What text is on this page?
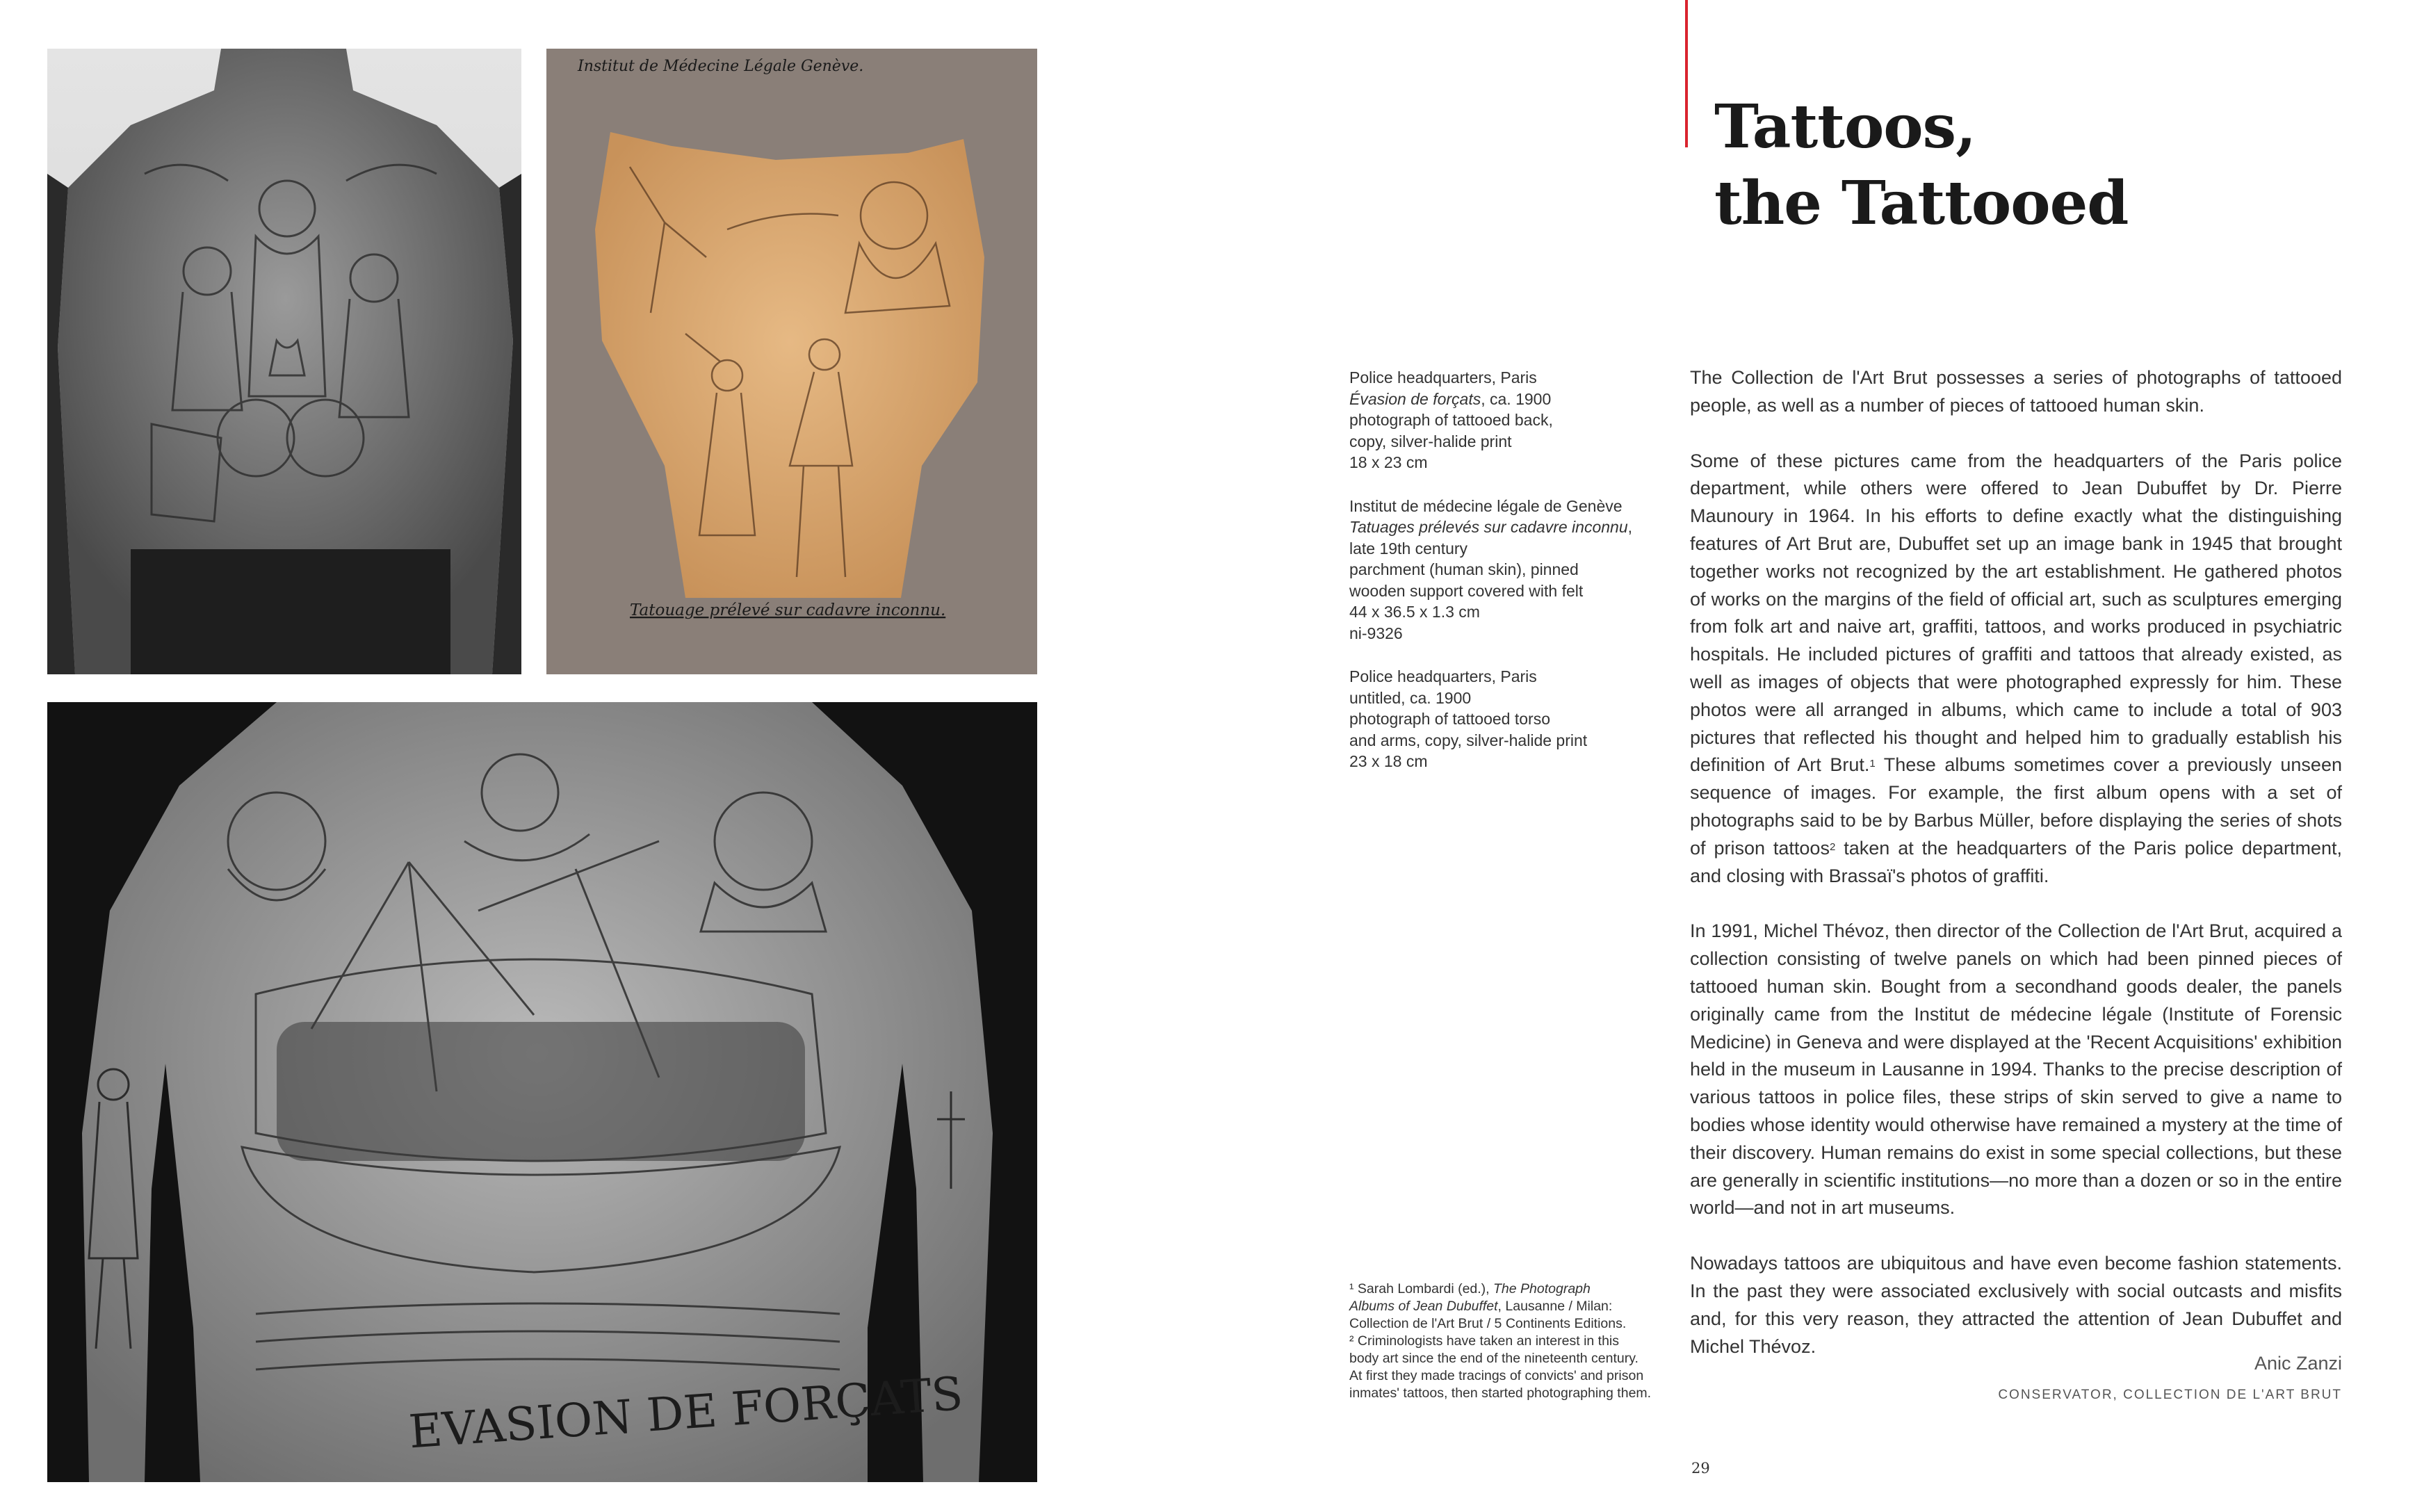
Institut de Médecine Légale Genève.
Tatouage prélevé sur cadavre inconnu.
EVASION DE FORÇATS
Tattoos,
the Tattooed
Police headquarters, Paris
Évasion de forçats, ca. 1900
photograph of tattooed back,
copy, silver-halide print
18 x 23 cm
Institut de médecine légale de Genève
Tatuages prélevés sur cadavre inconnu,
late 19th century
parchment (human skin), pinned
wooden support covered with felt
44 x 36.5 x 1.3 cm
ni-9326
Police headquarters, Paris
untitled, ca. 1900
photograph of tattooed torso
and arms, copy, silver-halide print
23 x 18 cm
¹ Sarah Lombardi (ed.), The Photograph
Albums of Jean Dubuffet, Lausanne / Milan:
Collection de l'Art Brut / 5 Continents Editions.
² Criminologists have taken an interest in this
body art since the end of the nineteenth century.
At first they made tracings of convicts' and prison
inmates' tattoos, then started photographing them.

The Collection de l'Art Brut possesses a series of photographs of tattooed people, as well as a number of pieces of tattooed human skin.

Some of these pictures came from the headquarters of the Paris police department, while others were offered to Jean Dubuffet by Dr. Pierre Maunoury in 1964. In his efforts to define exactly what the distinguishing features of Art Brut are, Dubuffet set up an image bank in 1945 that brought together works not recognized by the art establishment. He gathered photos of works on the margins of the field of official art, such as sculptures emerging from folk art and naive art, graffiti, tattoos, and works produced in psychiatric hospitals. He included pictures of graffiti and tattoos that already existed, as well as images of objects that were photographed expressly for him. These photos were all arranged in albums, which came to include a total of 903 pictures that reflected his thought and helped him to gradually establish his definition of Art Brut.$^1$ These albums sometimes cover a previously unseen sequence of images. For example, the first album opens with a set of photographs said to be by Barbus Müller, before displaying the series of shots of prison tattoos$^2$ taken at the headquarters of the Paris police department, and closing with Brassaï's photos of graffiti.

In 1991, Michel Thévoz, then director of the Collection de l'Art Brut, acquired a collection consisting of twelve panels on which had been pinned pieces of tattooed human skin. Bought from a secondhand goods dealer, the panels originally came from the Institut de médecine légale (Institute of Forensic Medicine) in Geneva and were displayed at the 'Recent Acquisitions' exhibition held in the museum in Lausanne in 1994. Thanks to the precise description of various tattoos in police files, these strips of skin served to give a name to bodies whose identity would otherwise have remained a mystery at the time of their discovery. Human remains do exist in some special collections, but these are generally in scientific institutions—no more than a dozen or so in the entire world—and not in art museums.

Nowadays tattoos are ubiquitous and have even become fashion statements. In the past they were associated exclusively with social outcasts and misfits and, for this very reason, they attracted the attention of Jean Dubuffet and Michel Thévoz.

Anic Zanzi
CONSERVATOR, COLLECTION DE L'ART BRUT
29
